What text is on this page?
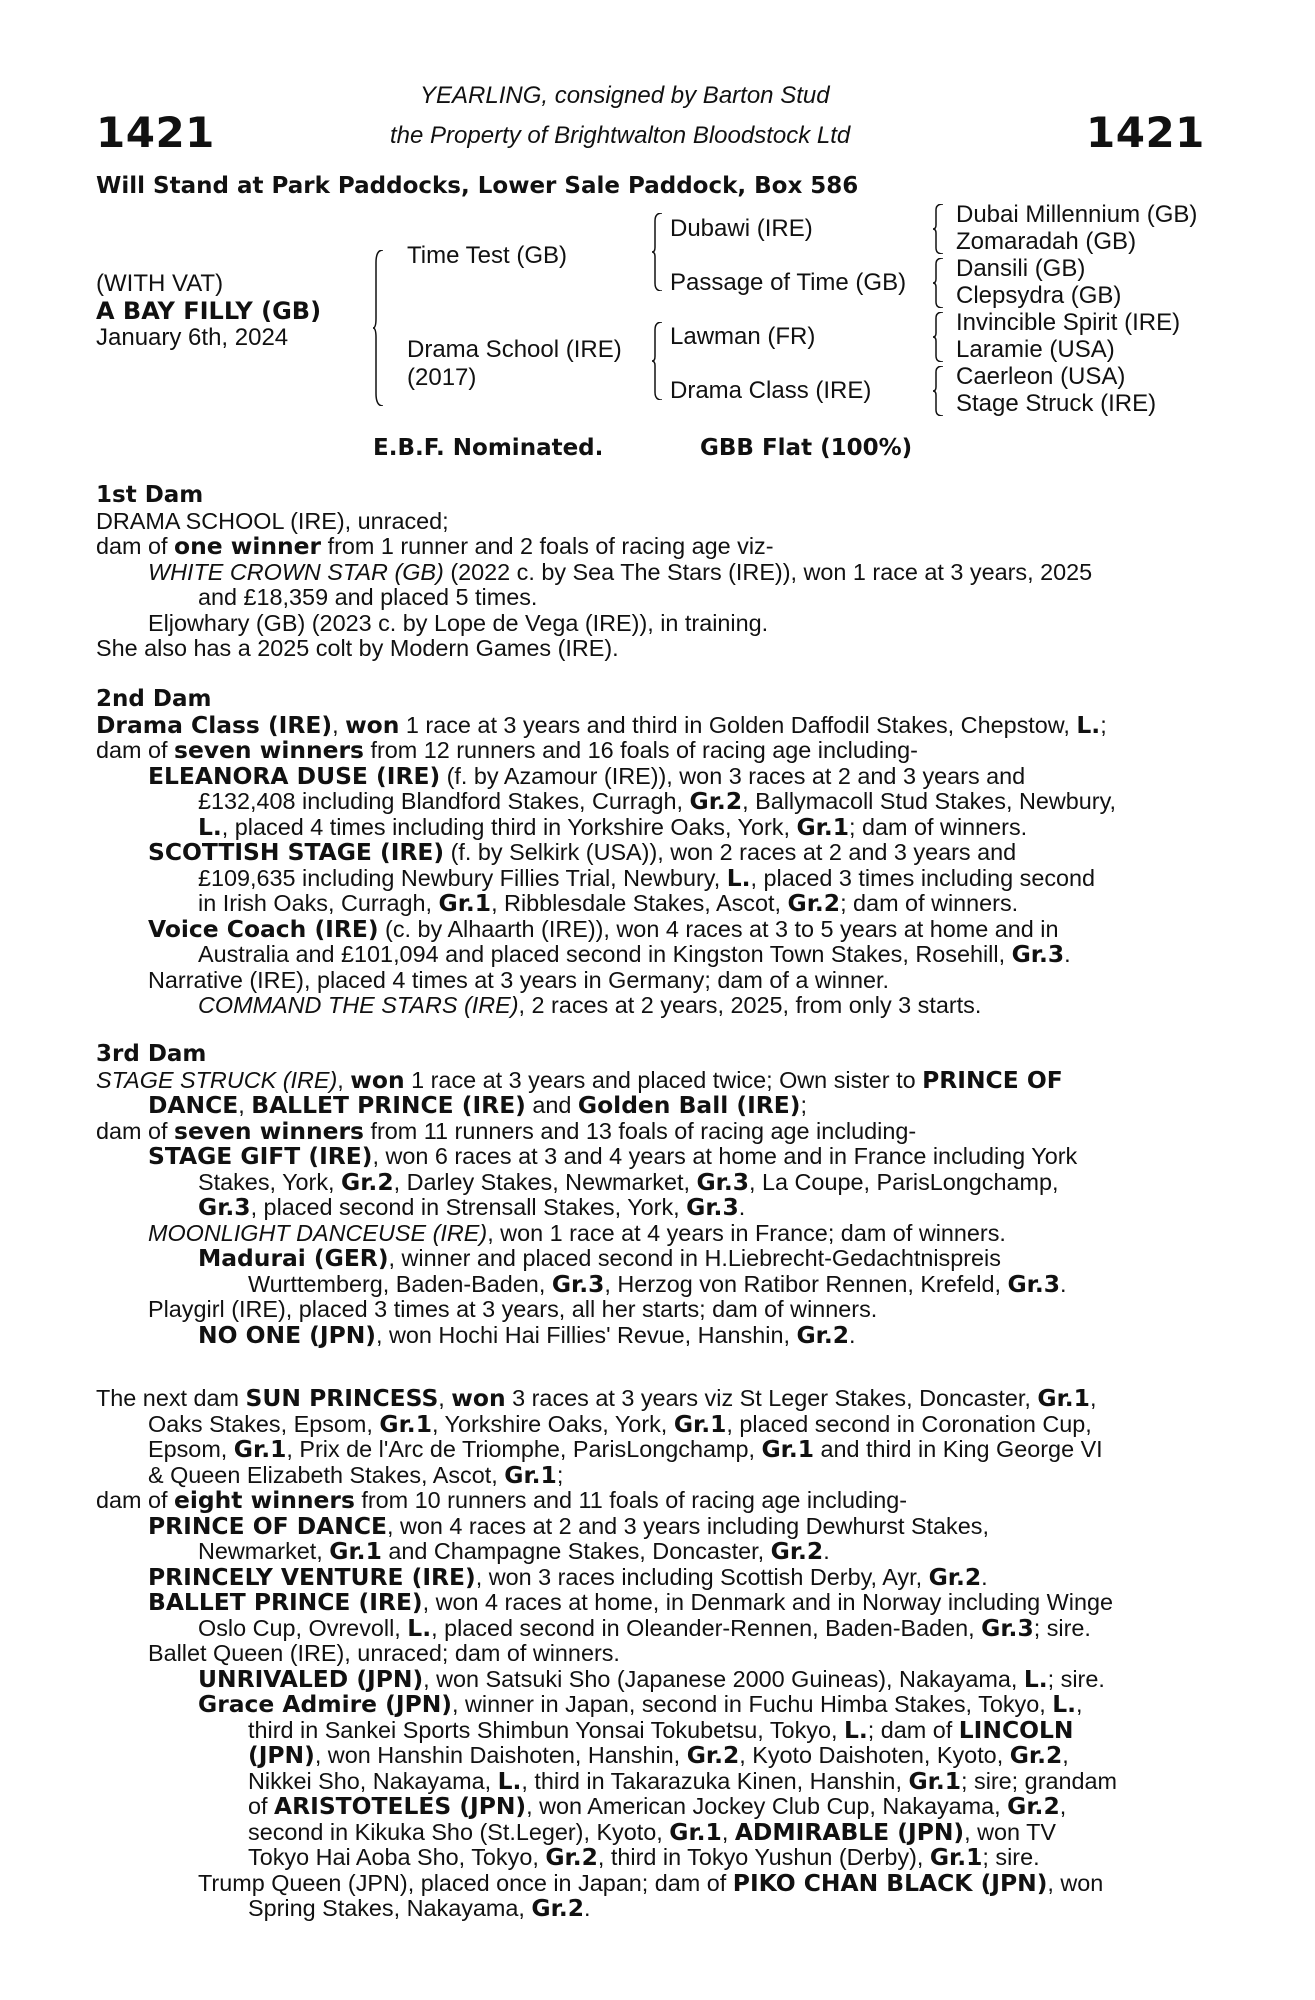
1421	1421
YEARLING, consigned by Barton Stud
the Property of Brightwalton Bloodstock Ltd
Will Stand at Park Paddocks, Lower Sale Paddock, Box 586
(WITH VAT)
A BAY FILLY (GB)
January 6th, 2024
Time Test (GB)
Drama School (IRE)
(2017)
Dubawi (IRE)
Passage of Time (GB)
Lawman (FR)
Drama Class (IRE)
Dubai Millennium (GB)
Zomaradah (GB)
Dansili (GB)
Clepsydra (GB)
Invincible Spirit (IRE)
Laramie (USA)
Caerleon (USA)
Stage Struck (IRE)
E.B.F. Nominated.	GBB Flat (100%)
1st Dam
DRAMA SCHOOL (IRE), unraced;
dam of one winner from 1 runner and 2 foals of racing age viz-
WHITE CROWN STAR (GB) (2022 c. by Sea The Stars (IRE)), won 1 race at 3 years, 2025
and £18,359 and placed 5 times.
Eljowhary (GB) (2023 c. by Lope de Vega (IRE)), in training.
She also has a 2025 colt by Modern Games (IRE).
2nd Dam
Drama Class (IRE), won 1 race at 3 years and third in Golden Daffodil Stakes, Chepstow, L.;
dam of seven winners from 12 runners and 16 foals of racing age including-
ELEANORA DUSE (IRE) (f. by Azamour (IRE)), won 3 races at 2 and 3 years and
£132,408 including Blandford Stakes, Curragh, Gr.2, Ballymacoll Stud Stakes, Newbury,
L., placed 4 times including third in Yorkshire Oaks, York, Gr.1; dam of winners.
SCOTTISH STAGE (IRE) (f. by Selkirk (USA)), won 2 races at 2 and 3 years and
£109,635 including Newbury Fillies Trial, Newbury, L., placed 3 times including second
in Irish Oaks, Curragh, Gr.1, Ribblesdale Stakes, Ascot, Gr.2; dam of winners.
Voice Coach (IRE) (c. by Alhaarth (IRE)), won 4 races at 3 to 5 years at home and in
Australia and £101,094 and placed second in Kingston Town Stakes, Rosehill, Gr.3.
Narrative (IRE), placed 4 times at 3 years in Germany; dam of a winner.
COMMAND THE STARS (IRE), 2 races at 2 years, 2025, from only 3 starts.
3rd Dam
STAGE STRUCK (IRE), won 1 race at 3 years and placed twice; Own sister to PRINCE OF
DANCE, BALLET PRINCE (IRE) and Golden Ball (IRE);
dam of seven winners from 11 runners and 13 foals of racing age including-
STAGE GIFT (IRE), won 6 races at 3 and 4 years at home and in France including York
Stakes, York, Gr.2, Darley Stakes, Newmarket, Gr.3, La Coupe, ParisLongchamp,
Gr.3, placed second in Strensall Stakes, York, Gr.3.
MOONLIGHT DANCEUSE (IRE), won 1 race at 4 years in France; dam of winners.
Madurai (GER), winner and placed second in H.Liebrecht-Gedachtnispreis
Wurttemberg, Baden-Baden, Gr.3, Herzog von Ratibor Rennen, Krefeld, Gr.3.
Playgirl (IRE), placed 3 times at 3 years, all her starts; dam of winners.
NO ONE (JPN), won Hochi Hai Fillies' Revue, Hanshin, Gr.2.
The next dam SUN PRINCESS, won 3 races at 3 years viz St Leger Stakes, Doncaster, Gr.1,
Oaks Stakes, Epsom, Gr.1, Yorkshire Oaks, York, Gr.1, placed second in Coronation Cup,
Epsom, Gr.1, Prix de l'Arc de Triomphe, ParisLongchamp, Gr.1 and third in King George VI
& Queen Elizabeth Stakes, Ascot, Gr.1;
dam of eight winners from 10 runners and 11 foals of racing age including-
PRINCE OF DANCE, won 4 races at 2 and 3 years including Dewhurst Stakes,
Newmarket, Gr.1 and Champagne Stakes, Doncaster, Gr.2.
PRINCELY VENTURE (IRE), won 3 races including Scottish Derby, Ayr, Gr.2.
BALLET PRINCE (IRE), won 4 races at home, in Denmark and in Norway including Winge
Oslo Cup, Ovrevoll, L., placed second in Oleander-Rennen, Baden-Baden, Gr.3; sire.
Ballet Queen (IRE), unraced; dam of winners.
UNRIVALED (JPN), won Satsuki Sho (Japanese 2000 Guineas), Nakayama, L.; sire.
Grace Admire (JPN), winner in Japan, second in Fuchu Himba Stakes, Tokyo, L.,
third in Sankei Sports Shimbun Yonsai Tokubetsu, Tokyo, L.; dam of LINCOLN
(JPN), won Hanshin Daishoten, Hanshin, Gr.2, Kyoto Daishoten, Kyoto, Gr.2,
Nikkei Sho, Nakayama, L., third in Takarazuka Kinen, Hanshin, Gr.1; sire; grandam
of ARISTOTELES (JPN), won American Jockey Club Cup, Nakayama, Gr.2,
second in Kikuka Sho (St.Leger), Kyoto, Gr.1, ADMIRABLE (JPN), won TV
Tokyo Hai Aoba Sho, Tokyo, Gr.2, third in Tokyo Yushun (Derby), Gr.1; sire.
Trump Queen (JPN), placed once in Japan; dam of PIKO CHAN BLACK (JPN), won
Spring Stakes, Nakayama, Gr.2.
